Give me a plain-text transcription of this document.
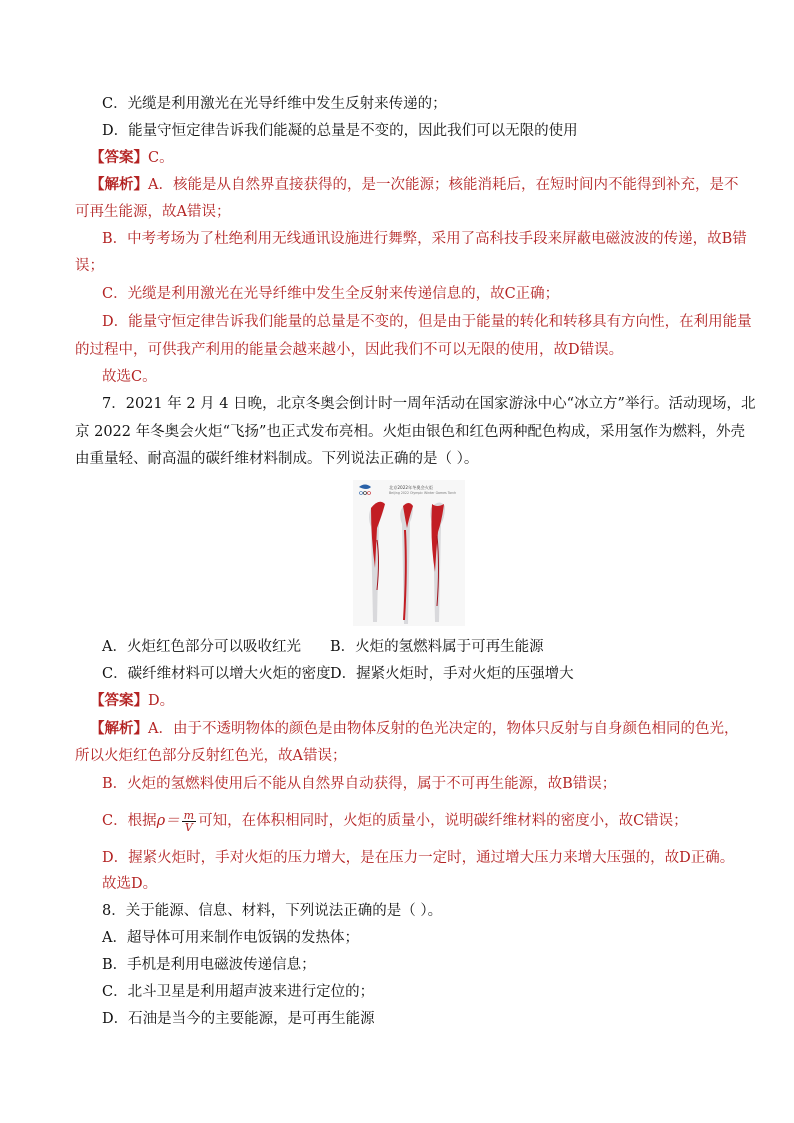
C．光缆是利用激光在光导纤维中发生反射来传递的；
D．能量守恒定律告诉我们能凝的总量是不变的，因此我们可以无限的使用
【答案】C。
【解析】A．核能是从自然界直接获得的，是一次能源；核能消耗后，在短时间内不能得到补充，是不
可再生能源，故A错误；
B．中考考场为了杜绝利用无线通讯设施进行舞弊，采用了高科技手段来屏蔽电磁波波的传递，故B错
误；
C．光缆是利用激光在光导纤维中发生全反射来传递信息的，故C正确；
D．能量守恒定律告诉我们能量的总量是不变的，但是由于能量的转化和转移具有方向性，在利用能量
的过程中，可供我产利用的能量会越来越小，因此我们不可以无限的使用，故D错误。
故选C。
7．2021 年 2 月 4 日晚，北京冬奥会倒计时一周年活动在国家游泳中心“冰立方”举行。活动现场，北
京 2022 年冬奥会火炬“飞扬”也正式发布亮相。火炬由银色和红色两种配色构成，采用氢作为燃料，外壳
由重量轻、耐高温的碳纤维材料制成。下列说法正确的是（ ）。
北京2022年冬奥会火炬
Beijing 2022 Olympic Winter Games Torch
A．火炬红色部分可以吸收红光 B．火炬的氢燃料属于可再生能源
C．碳纤维材料可以增大火炬的密度 D．握紧火炬时，手对火炬的压强增大
【答案】D。
【解析】A．由于不透明物体的颜色是由物体反射的色光决定的，物体只反射与自身颜色相同的色光，
所以火炬红色部分反射红色光，故A错误；
B．火炬的氢燃料使用后不能从自然界自动获得，属于不可再生能源，故B错误；
C．根据$\rho= \frac{m}{V}$ 可知，在体积相同时，火炬的质量小，说明碳纤维材料的密度小，故C错误；
D．握紧火炬时，手对火炬的压力增大，是在压力一定时，通过增大压力来增大压强的，故D正确。
故选D。
8．关于能源、信息、材料，下列说法正确的是（ ）。
A．超导体可用来制作电饭锅的发热体；
B．手机是利用电磁波传递信息；
C．北斗卫星是利用超声波来进行定位的；
D．石油是当今的主要能源，是可再生能源
